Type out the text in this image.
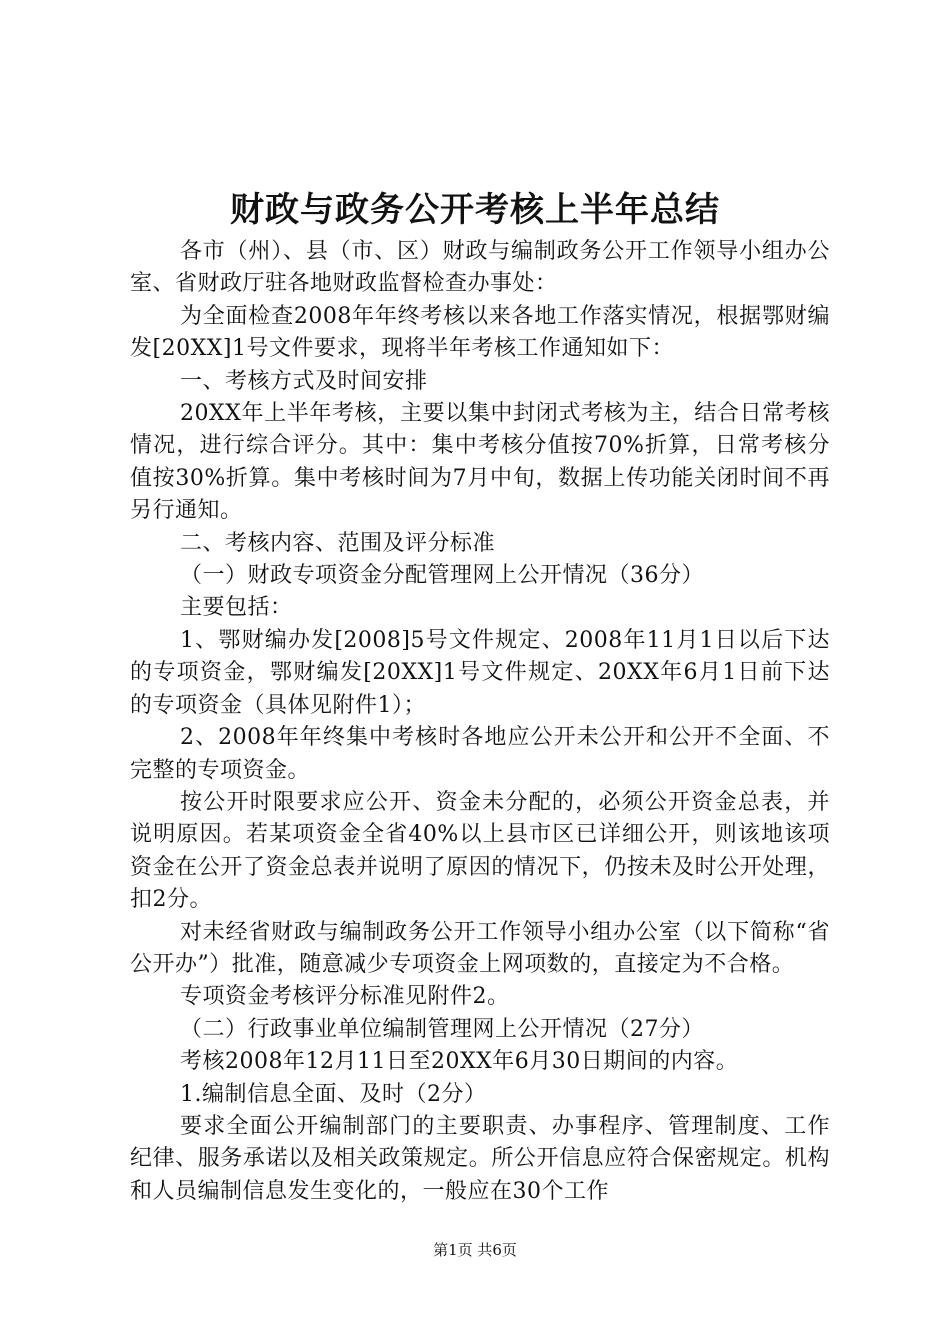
财政与政务公开考核上半年总结

各市（州）、县（市、区）财政与编制政务公开工作领导小组办公室、省财政厅驻各地财政监督检查办事处：

为全面检查2008年年终考核以来各地工作落实情况，根据鄂财编发[20XX]1号文件要求，现将半年考核工作通知如下：

一、考核方式及时间安排

20XX年上半年考核，主要以集中封闭式考核为主，结合日常考核情况，进行综合评分。其中：集中考核分值按70%折算，日常考核分值按30%折算。集中考核时间为7月中旬，数据上传功能关闭时间不再另行通知。

二、考核内容、范围及评分标准

（一）财政专项资金分配管理网上公开情况（36分）

主要包括：

1、鄂财编办发[2008]5号文件规定、2008年11月1日以后下达的专项资金，鄂财编发[20XX]1号文件规定、20XX年6月1日前下达的专项资金（具体见附件1）；

2、2008年年终集中考核时各地应公开未公开和公开不全面、不完整的专项资金。

按公开时限要求应公开、资金未分配的，必须公开资金总表，并说明原因。若某项资金全省40%以上县市区已详细公开，则该地该项资金在公开了资金总表并说明了原因的情况下，仍按未及时公开处理，扣2分。

对未经省财政与编制政务公开工作领导小组办公室（以下简称“省公开办”）批准，随意减少专项资金上网项数的，直接定为不合格。

专项资金考核评分标准见附件2。

（二）行政事业单位编制管理网上公开情况（27分）

考核2008年12月11日至20XX年6月30日期间的内容。

1.编制信息全面、及时（2分）

要求全面公开编制部门的主要职责、办事程序、管理制度、工作纪律、服务承诺以及相关政策规定。所公开信息应符合保密规定。机构和人员编制信息发生变化的，一般应在30个工作

第1页 共6页
